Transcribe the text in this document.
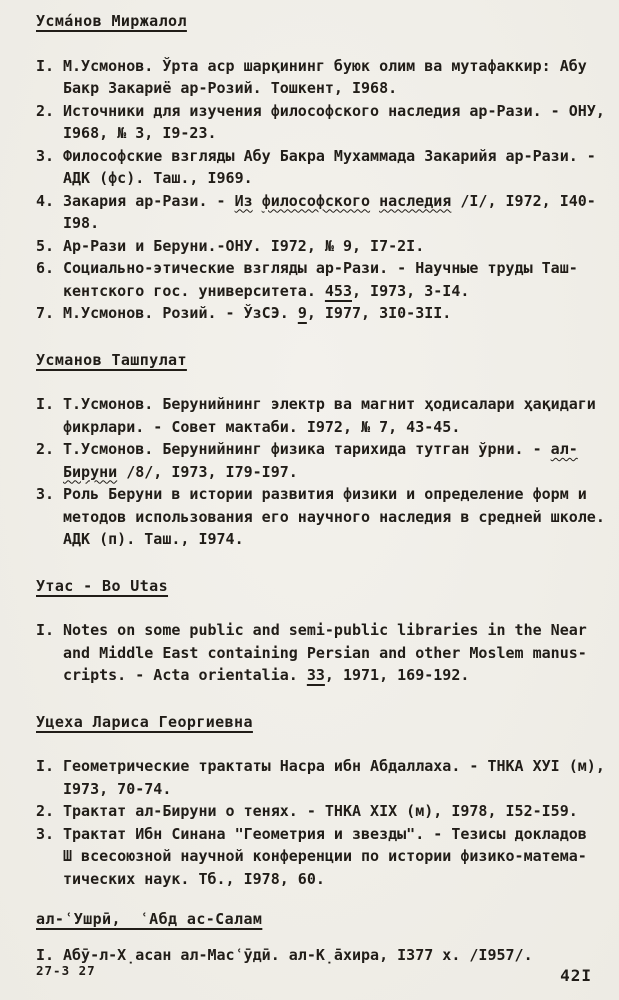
Усма́нов Миржалол
I. М.Усмонов. Ўрта аср шарқининг буюк олим ва мутафаккир: Абу
Бакр Закариё ар-Розий. Тошкент, I968.
2. Источники для изучения философского наследия ар-Рази. - ОНУ,
I968, № 3, I9-23.
3. Философские взгляды Абу Бакра Мухаммада Закарийя ар-Рази. -
АДК (фс). Таш., I969.
4. Закария ар-Рази. - Из философского наследия /I/, I972, I40-
I98.
5. Ар-Рази и Беруни.-ОНУ. I972, № 9, I7-2I.
6. Социально-этические взгляды ар-Рази. - Научные труды Таш-
кентского гос. университета. 453, I973, 3-I4.
7. М.Усмонов. Розий. - ЎзСЭ. 9, I977, 3I0-3II.
Усманов Ташпулат
I. Т.Усмонов. Берунийнинг электр ва магнит ҳодисалари ҳақидаги
фикрлари. - Совет мактаби. I972, № 7, 43-45.
2. Т.Усмонов. Берунийнинг физика тарихида тутган ўрни. - ал-
Бируни /8/, I973, I79-I97.
3. Роль Беруни в истории развития физики и определение форм и
методов использования его научного наследия в средней школе.
АДК (п). Таш., I974.
Утас - Bo Utas
I. Notes on some public and semi-public libraries in the Near
and Middle East containing Persian and other Moslem manus-
cripts. - Acta orientalia. 33, 1971, 169-192.
Уцеха Лариса Георгиевна
I. Геометрические трактаты Насра ибн Абдаллаха. - ТНКА ХУI (м),
I973, 70-74.
2. Трактат ал-Бируни о тенях. - ТНКА XIX (м), I978, I52-I59.
3. Трактат Ибн Синана "Геометрия и звезды". - Тезисы докладов
Ш всесоюзной научной конференции по истории физико-матема-
тических наук. Тб., I978, 60.
ал-ʿУшрӣ,  ʿАбд ас-Салам
I. Абӯ-л-Х̣асан ал-Масʿӯдӣ. ал-К̣а̄хира, I377 х. /I957/.
27-3 27	42I
